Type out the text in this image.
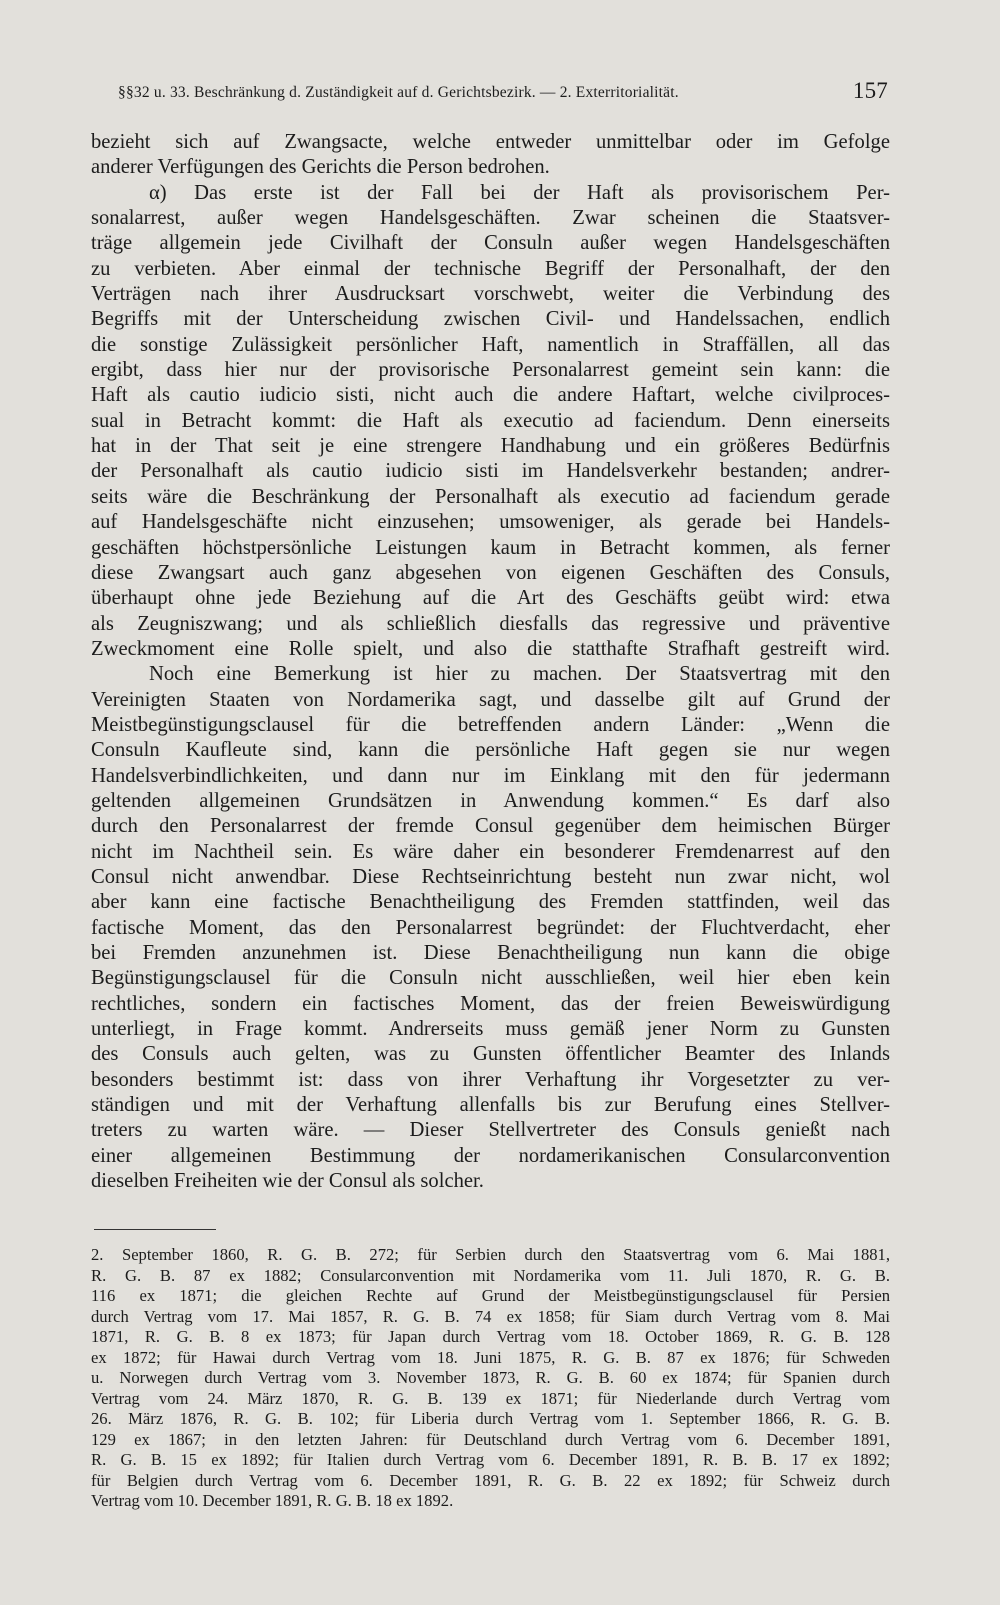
§§32 u. 33. Beschränkung d. Zuständigkeit auf d. Gerichtsbezirk. — 2. Exterritorialität.	157
bezieht sich auf Zwangsacte, welche entweder unmittelbar oder im Gefolge
anderer Verfügungen des Gerichts die Person bedrohen.
α) Das erste ist der Fall bei der Haft als provisorischem Per-
sonalarrest, außer wegen Handelsgeschäften. Zwar scheinen die Staatsver-
träge allgemein jede Civilhaft der Consuln außer wegen Handelsgeschäften
zu verbieten. Aber einmal der technische Begriff der Personalhaft, der den
Verträgen nach ihrer Ausdrucksart vorschwebt, weiter die Verbindung des
Begriffs mit der Unterscheidung zwischen Civil- und Handelssachen, endlich
die sonstige Zulässigkeit persönlicher Haft, namentlich in Straffällen, all das
ergibt, dass hier nur der provisorische Personalarrest gemeint sein kann: die
Haft als cautio iudicio sisti, nicht auch die andere Haftart, welche civilproces-
sual in Betracht kommt: die Haft als executio ad faciendum. Denn einerseits
hat in der That seit je eine strengere Handhabung und ein größeres Bedürfnis
der Personalhaft als cautio iudicio sisti im Handelsverkehr bestanden; andrer-
seits wäre die Beschränkung der Personalhaft als executio ad faciendum gerade
auf Handelsgeschäfte nicht einzusehen; umsoweniger, als gerade bei Handels-
geschäften höchstpersönliche Leistungen kaum in Betracht kommen, als ferner
diese Zwangsart auch ganz abgesehen von eigenen Geschäften des Consuls,
überhaupt ohne jede Beziehung auf die Art des Geschäfts geübt wird: etwa
als Zeugniszwang; und als schließlich diesfalls das regressive und präventive
Zweckmoment eine Rolle spielt, und also die statthafte Strafhaft gestreift wird.
Noch eine Bemerkung ist hier zu machen. Der Staatsvertrag mit den
Vereinigten Staaten von Nordamerika sagt, und dasselbe gilt auf Grund der
Meistbegünstigungsclausel für die betreffenden andern Länder: „Wenn die
Consuln Kaufleute sind, kann die persönliche Haft gegen sie nur wegen
Handelsverbindlichkeiten, und dann nur im Einklang mit den für jedermann
geltenden allgemeinen Grundsätzen in Anwendung kommen.“ Es darf also
durch den Personalarrest der fremde Consul gegenüber dem heimischen Bürger
nicht im Nachtheil sein. Es wäre daher ein besonderer Fremdenarrest auf den
Consul nicht anwendbar. Diese Rechtseinrichtung besteht nun zwar nicht, wol
aber kann eine factische Benachtheiligung des Fremden stattfinden, weil das
factische Moment, das den Personalarrest begründet: der Fluchtverdacht, eher
bei Fremden anzunehmen ist. Diese Benachtheiligung nun kann die obige
Begünstigungsclausel für die Consuln nicht ausschließen, weil hier eben kein
rechtliches, sondern ein factisches Moment, das der freien Beweiswürdigung
unterliegt, in Frage kommt. Andrerseits muss gemäß jener Norm zu Gunsten
des Consuls auch gelten, was zu Gunsten öffentlicher Beamter des Inlands
besonders bestimmt ist: dass von ihrer Verhaftung ihr Vorgesetzter zu ver-
ständigen und mit der Verhaftung allenfalls bis zur Berufung eines Stellver-
treters zu warten wäre. — Dieser Stellvertreter des Consuls genießt nach
einer allgemeinen Bestimmung der nordamerikanischen Consularconvention
dieselben Freiheiten wie der Consul als solcher.
2. September 1860, R. G. B. 272; für Serbien durch den Staatsvertrag vom 6. Mai 1881,
R. G. B. 87 ex 1882; Consularconvention mit Nordamerika vom 11. Juli 1870, R. G. B.
116 ex 1871; die gleichen Rechte auf Grund der Meistbegünstigungsclausel für Persien
durch Vertrag vom 17. Mai 1857, R. G. B. 74 ex 1858; für Siam durch Vertrag vom 8. Mai
1871, R. G. B. 8 ex 1873; für Japan durch Vertrag vom 18. October 1869, R. G. B. 128
ex 1872; für Hawai durch Vertrag vom 18. Juni 1875, R. G. B. 87 ex 1876; für Schweden
u. Norwegen durch Vertrag vom 3. November 1873, R. G. B. 60 ex 1874; für Spanien durch
Vertrag vom 24. März 1870, R. G. B. 139 ex 1871; für Niederlande durch Vertrag vom
26. März 1876, R. G. B. 102; für Liberia durch Vertrag vom 1. September 1866, R. G. B.
129 ex 1867; in den letzten Jahren: für Deutschland durch Vertrag vom 6. December 1891,
R. G. B. 15 ex 1892; für Italien durch Vertrag vom 6. December 1891, R. B. B. 17 ex 1892;
für Belgien durch Vertrag vom 6. December 1891, R. G. B. 22 ex 1892; für Schweiz durch
Vertrag vom 10. December 1891, R. G. B. 18 ex 1892.
